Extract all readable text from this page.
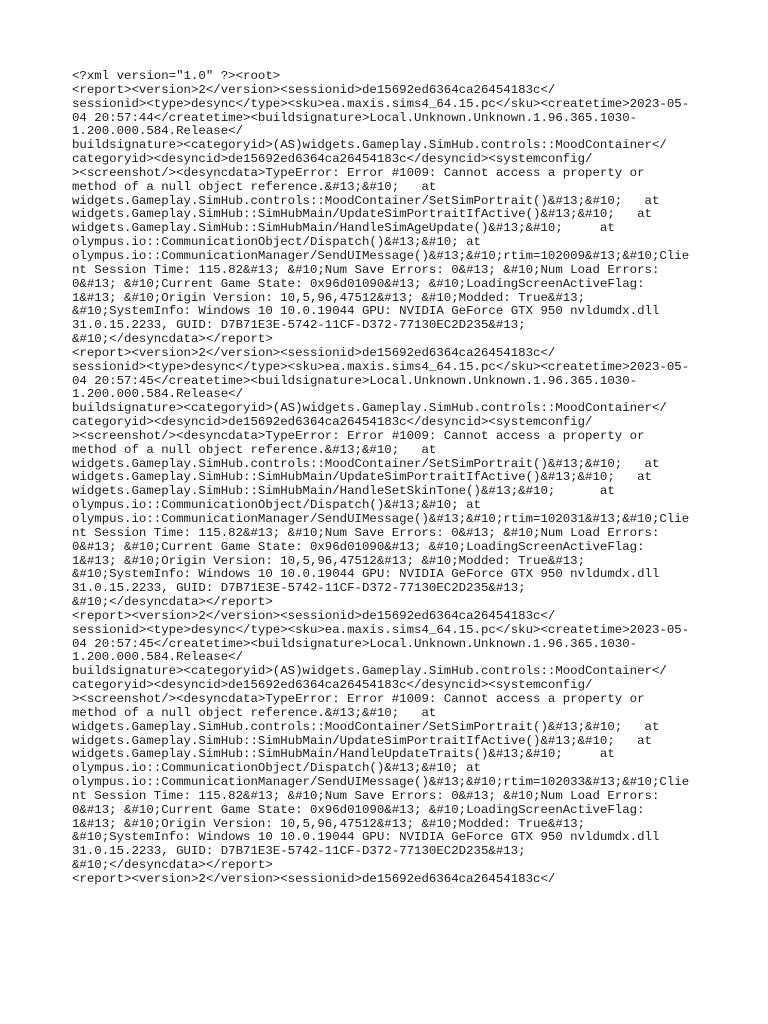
<?xml version="1.0" ?><root>
<report><version>2</version><sessionid>de15692ed6364ca26454183c</
sessionid><type>desync</type><sku>ea.maxis.sims4_64.15.pc</sku><createtime>2023-05-
04 20:57:44</createtime><buildsignature>Local.Unknown.Unknown.1.96.365.1030-
1.200.000.584.Release</
buildsignature><categoryid>(AS)widgets.Gameplay.SimHub.controls::MoodContainer</
categoryid><desyncid>de15692ed6364ca26454183c</desyncid><systemconfig/
><screenshot/><desyncdata>TypeError: Error #1009: Cannot access a property or
method of a null object reference.&#13;&#10;   at
widgets.Gameplay.SimHub.controls::MoodContainer/SetSimPortrait()&#13;&#10;   at
widgets.Gameplay.SimHub::SimHubMain/UpdateSimPortraitIfActive()&#13;&#10;   at
widgets.Gameplay.SimHub::SimHubMain/HandleSimAgeUpdate()&#13;&#10;     at
olympus.io::CommunicationObject/Dispatch()&#13;&#10; at
olympus.io::CommunicationManager/SendUIMessage()&#13;&#10;rtim=102009&#13;&#10;Clie
nt Session Time: 115.82&#13; &#10;Num Save Errors: 0&#13; &#10;Num Load Errors:
0&#13; &#10;Current Game State: 0x96d01090&#13; &#10;LoadingScreenActiveFlag:
1&#13; &#10;Origin Version: 10,5,96,47512&#13; &#10;Modded: True&#13;
&#10;SystemInfo: Windows 10 10.0.19044 GPU: NVIDIA GeForce GTX 950 nvldumdx.dll
31.0.15.2233, GUID: D7B71E3E-5742-11CF-D372-77130EC2D235&#13;
&#10;</desyncdata></report>
<report><version>2</version><sessionid>de15692ed6364ca26454183c</
sessionid><type>desync</type><sku>ea.maxis.sims4_64.15.pc</sku><createtime>2023-05-
04 20:57:45</createtime><buildsignature>Local.Unknown.Unknown.1.96.365.1030-
1.200.000.584.Release</
buildsignature><categoryid>(AS)widgets.Gameplay.SimHub.controls::MoodContainer</
categoryid><desyncid>de15692ed6364ca26454183c</desyncid><systemconfig/
><screenshot/><desyncdata>TypeError: Error #1009: Cannot access a property or
method of a null object reference.&#13;&#10;   at
widgets.Gameplay.SimHub.controls::MoodContainer/SetSimPortrait()&#13;&#10;   at
widgets.Gameplay.SimHub::SimHubMain/UpdateSimPortraitIfActive()&#13;&#10;   at
widgets.Gameplay.SimHub::SimHubMain/HandleSetSkinTone()&#13;&#10;      at
olympus.io::CommunicationObject/Dispatch()&#13;&#10; at
olympus.io::CommunicationManager/SendUIMessage()&#13;&#10;rtim=102031&#13;&#10;Clie
nt Session Time: 115.82&#13; &#10;Num Save Errors: 0&#13; &#10;Num Load Errors:
0&#13; &#10;Current Game State: 0x96d01090&#13; &#10;LoadingScreenActiveFlag:
1&#13; &#10;Origin Version: 10,5,96,47512&#13; &#10;Modded: True&#13;
&#10;SystemInfo: Windows 10 10.0.19044 GPU: NVIDIA GeForce GTX 950 nvldumdx.dll
31.0.15.2233, GUID: D7B71E3E-5742-11CF-D372-77130EC2D235&#13;
&#10;</desyncdata></report>
<report><version>2</version><sessionid>de15692ed6364ca26454183c</
sessionid><type>desync</type><sku>ea.maxis.sims4_64.15.pc</sku><createtime>2023-05-
04 20:57:45</createtime><buildsignature>Local.Unknown.Unknown.1.96.365.1030-
1.200.000.584.Release</
buildsignature><categoryid>(AS)widgets.Gameplay.SimHub.controls::MoodContainer</
categoryid><desyncid>de15692ed6364ca26454183c</desyncid><systemconfig/
><screenshot/><desyncdata>TypeError: Error #1009: Cannot access a property or
method of a null object reference.&#13;&#10;   at
widgets.Gameplay.SimHub.controls::MoodContainer/SetSimPortrait()&#13;&#10;   at
widgets.Gameplay.SimHub::SimHubMain/UpdateSimPortraitIfActive()&#13;&#10;   at
widgets.Gameplay.SimHub::SimHubMain/HandleUpdateTraits()&#13;&#10;     at
olympus.io::CommunicationObject/Dispatch()&#13;&#10; at
olympus.io::CommunicationManager/SendUIMessage()&#13;&#10;rtim=102033&#13;&#10;Clie
nt Session Time: 115.82&#13; &#10;Num Save Errors: 0&#13; &#10;Num Load Errors:
0&#13; &#10;Current Game State: 0x96d01090&#13; &#10;LoadingScreenActiveFlag:
1&#13; &#10;Origin Version: 10,5,96,47512&#13; &#10;Modded: True&#13;
&#10;SystemInfo: Windows 10 10.0.19044 GPU: NVIDIA GeForce GTX 950 nvldumdx.dll
31.0.15.2233, GUID: D7B71E3E-5742-11CF-D372-77130EC2D235&#13;
&#10;</desyncdata></report>
<report><version>2</version><sessionid>de15692ed6364ca26454183c</
